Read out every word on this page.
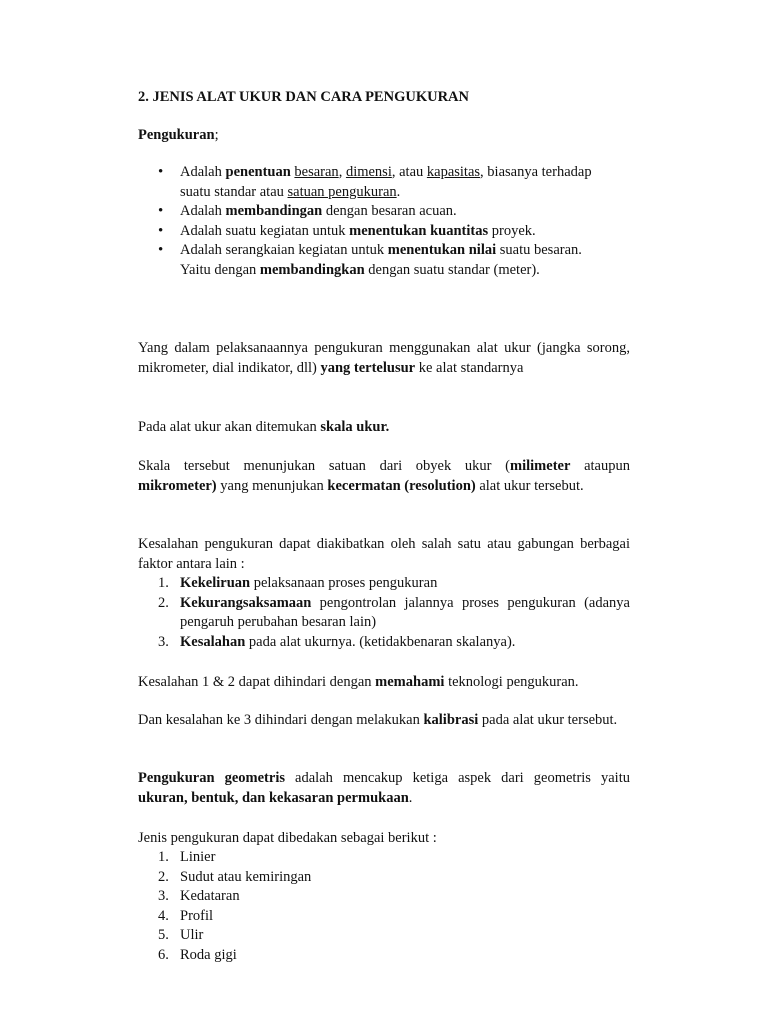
2. JENIS ALAT UKUR DAN CARA PENGUKURAN
Pengukuran;
• Adalah penentuan besaran, dimensi, atau kapasitas, biasanya terhadap suatu standar atau satuan pengukuran.
• Adalah membandingan dengan besaran acuan.
• Adalah suatu kegiatan untuk menentukan kuantitas proyek.
• Adalah serangkaian kegiatan untuk menentukan nilai suatu besaran. Yaitu dengan membandingkan dengan suatu standar (meter).
Yang dalam pelaksanaannya pengukuran menggunakan alat ukur (jangka sorong, mikrometer, dial indikator, dll) yang tertelusur ke alat standarnya
Pada alat ukur akan ditemukan skala ukur.
Skala tersebut menunjukan satuan dari obyek ukur (milimeter ataupun mikrometer) yang menunjukan kecermatan (resolution) alat ukur tersebut.
Kesalahan pengukuran dapat diakibatkan oleh salah satu atau gabungan berbagai faktor antara lain :
1. Kekeliruan pelaksanaan proses pengukuran
2. Kekurangsaksamaan pengontrolan jalannya proses pengukuran (adanya pengaruh perubahan besaran lain)
3. Kesalahan pada alat ukurnya. (ketidakbenaran skalanya).
Kesalahan 1 & 2 dapat dihindari dengan memahami teknologi pengukuran.
Dan kesalahan ke 3 dihindari dengan melakukan kalibrasi pada alat ukur tersebut.
Pengukuran geometris adalah mencakup ketiga aspek dari geometris yaitu ukuran, bentuk, dan kekasaran permukaan.
Jenis pengukuran dapat dibedakan sebagai berikut :
1. Linier
2. Sudut atau kemiringan
3. Kedataran
4. Profil
5. Ulir
6. Roda gigi
